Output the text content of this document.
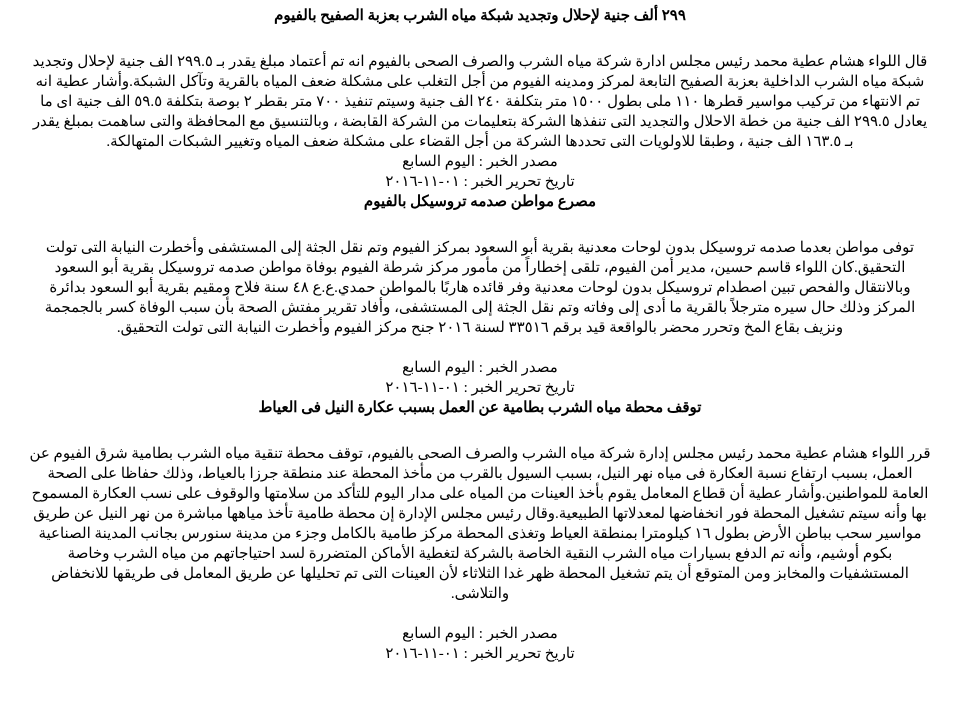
٢٩٩ ألف جنية لإحلال وتجديد شبكة مياه الشرب بعزبة الصفيح بالفيوم

قال اللواء هشام عطية محمد رئيس مجلس ادارة شركة مياه الشرب والصرف الصحى بالفيوم انه تم أعتماد مبلغ يقدر بـ ٢٩٩.٥ الف جنية لإحلال وتجديد شبكة مياه الشرب الداخلية بعزبة الصفيح التابعة لمركز ومدينه الفيوم من أجل التغلب على مشكلة ضعف المياه بالقرية وتآكل الشبكة.وأشار عطية انه تم الانتهاء من تركيب مواسير قطرها ١١٠ ملى بطول ١٥٠٠ متر بتكلفة ٢٤٠ الف جنية وسيتم تنفيذ ٧٠٠ متر بقطر ٢ بوصة بتكلفة ٥٩.٥ الف جنية اى ما يعادل ٢٩٩.٥ الف جنية من خطة الاحلال والتجديد التى تنفذها الشركة بتعليمات من الشركة القابضة ، وبالتنسيق مع المحافظة والتى ساهمت بمبلغ يقدر بـ ١٦٣.٥ الف جنية ، وطبقا للاولويات التى تحددها الشركة من أجل القضاء على مشكلة ضعف المياه وتغيير الشبكات المتهالكة.

مصدر الخبر : اليوم السابع

تاريخ تحرير الخبر : ٠١-١١-٢٠١٦

مصرع مواطن صدمه تروسيكل بالفيوم

توفى مواطن بعدما صدمه تروسيكل بدون لوحات معدنية بقرية أبو السعود بمركز الفيوم وتم نقل الجثة إلى المستشفى وأخطرت النيابة التى تولت التحقيق.كان اللواء قاسم حسين، مدير أمن الفيوم، تلقى إخطاراً من مأمور مركز شرطة الفيوم بوفاة مواطن صدمه تروسيكل بقرية أبو السعود وبالانتقال والفحص تبين اصطدام تروسيكل بدون لوحات معدنية وفر قائده هاربًا بالمواطن حمدي.ع.ع ٤٨ سنة فلاح ومقيم بقرية أبو السعود بدائرة المركز وذلك حال سيره مترجلاً بالقرية ما أدى إلى وفاته وتم نقل الجثة إلى المستشفى، وأفاد تقرير مفتش الصحة بأن سبب الوفاة كسر بالجمجمة ونزيف بقاع المخ وتحرر محضر بالواقعة قيد برقم ٣٣٥١٦ لسنة ٢٠١٦ جنح مركز الفيوم وأخطرت النيابة التى تولت التحقيق.

مصدر الخبر : اليوم السابع

تاريخ تحرير الخبر : ٠١-١١-٢٠١٦

توقف محطة مياه الشرب بطامية عن العمل بسبب عكارة النيل فى العياط

قرر اللواء هشام عطية محمد رئيس مجلس إدارة شركة مياه الشرب والصرف الصحى بالفيوم، توقف محطة تنقية مياه الشرب بطامية شرق الفيوم عن العمل، بسبب ارتفاع نسبة العكارة فى مياه نهر النيل، بسبب السيول بالقرب من مأخذ المحطة عند منطقة جرزا بالعياط، وذلك حفاظا على الصحة العامة للمواطنين.وأشار عطية أن قطاع المعامل يقوم بأخذ العينات من المياه على مدار اليوم للتأكد من سلامتها والوقوف على نسب العكارة المسموح بها وأنه سيتم تشغيل المحطة فور انخفاضها لمعدلاتها الطبيعية.وقال رئيس مجلس الإدارة إن محطة طامية تأخذ مياهها مباشرة من نهر النيل عن طريق مواسير سحب بباطن الأرض بطول ١٦ كيلومترا بمنطقة العياط وتغذى المحطة مركز طامية بالكامل وجزء من مدينة سنورس بجانب المدينة الصناعية بكوم أوشيم، وأنه تم الدفع بسيارات مياه الشرب النقية الخاصة بالشركة لتغطية الأماكن المتضررة لسد احتياجاتهم من مياه الشرب وخاصة المستشفيات والمخابز ومن المتوقع أن يتم تشغيل المحطة ظهر غدا الثلاثاء لأن العينات التى تم تحليلها عن طريق المعامل فى طريقها للانخفاض والتلاشى.

مصدر الخبر : اليوم السابع

تاريخ تحرير الخبر : ٠١-١١-٢٠١٦
